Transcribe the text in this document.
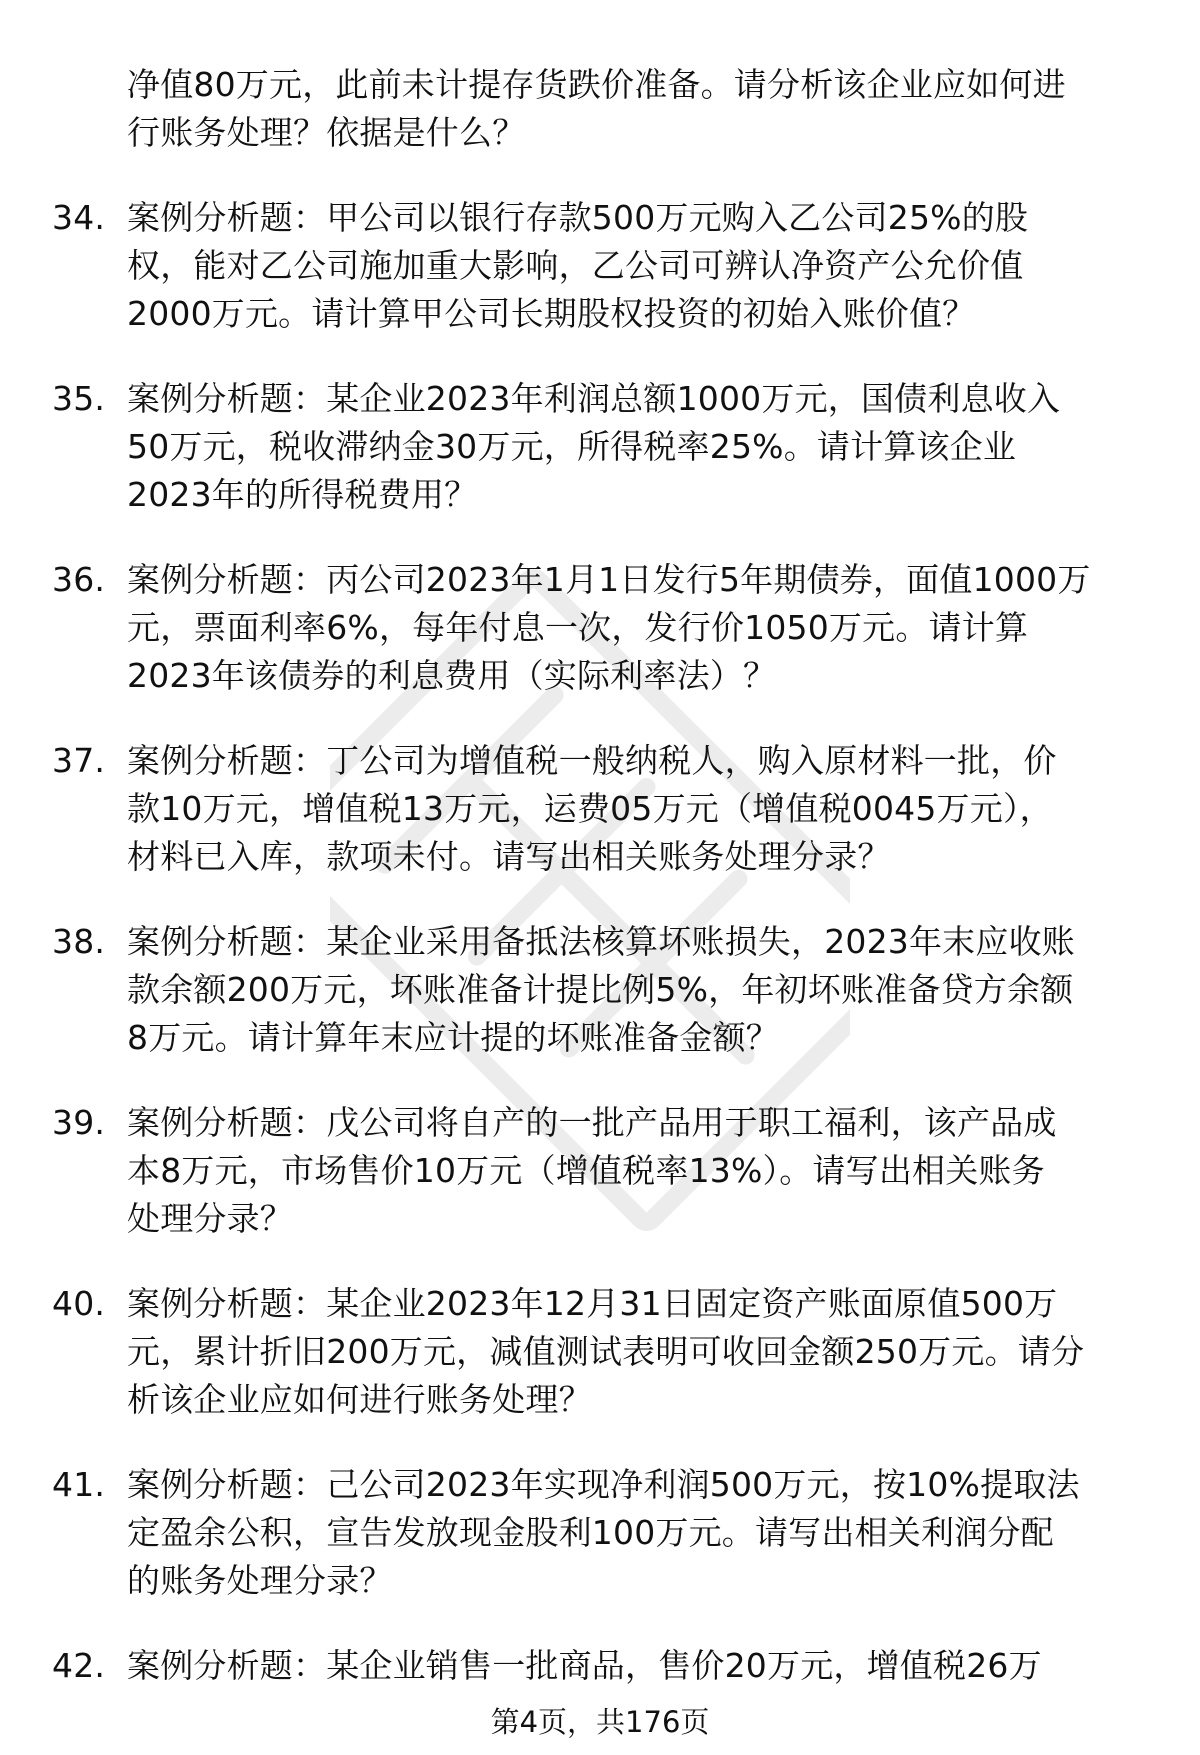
净值80万元，此前未计提存货跌价准备。请分析该企业应如何进
行账务处理？依据是什么？
34. 案例分析题：甲公司以银行存款500万元购入乙公司25%的股
权，能对乙公司施加重大影响，乙公司可辨认净资产公允价值
2000万元。请计算甲公司长期股权投资的初始入账价值？
35. 案例分析题：某企业2023年利润总额1000万元，国债利息收入
50万元，税收滞纳金30万元，所得税率25%。请计算该企业
2023年的所得税费用？
36. 案例分析题：丙公司2023年1月1日发行5年期债券，面值1000万
元，票面利率6%，每年付息一次，发行价1050万元。请计算
2023年该债券的利息费用（实际利率法）？
37. 案例分析题：丁公司为增值税一般纳税人，购入原材料一批，价
款10万元，增值税13万元，运费05万元（增值税0045万元），
材料已入库，款项未付。请写出相关账务处理分录？
38. 案例分析题：某企业采用备抵法核算坏账损失，2023年末应收账
款余额200万元，坏账准备计提比例5%，年初坏账准备贷方余额
8万元。请计算年末应计提的坏账准备金额？
39. 案例分析题：戊公司将自产的一批产品用于职工福利，该产品成
本8万元，市场售价10万元（增值税率13%）。请写出相关账务
处理分录？
40. 案例分析题：某企业2023年12月31日固定资产账面原值500万
元，累计折旧200万元，减值测试表明可收回金额250万元。请分
析该企业应如何进行账务处理？
41. 案例分析题：己公司2023年实现净利润500万元，按10%提取法
定盈余公积，宣告发放现金股利100万元。请写出相关利润分配
的账务处理分录？
42. 案例分析题：某企业销售一批商品，售价20万元，增值税26万
第4页，共176页
